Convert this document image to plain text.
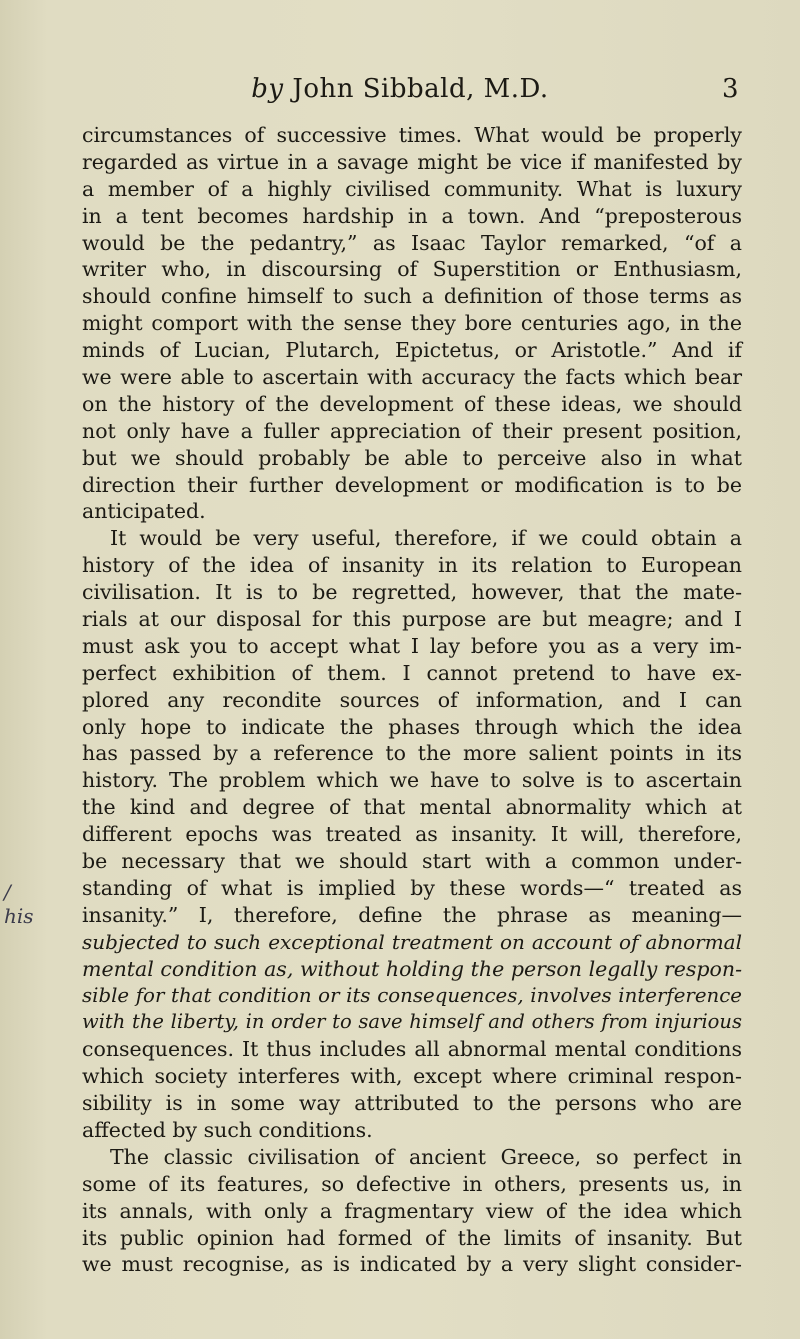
by John Sibbald, M.D.	3
/ his
circumstances of successive times. What would be properly
regarded as virtue in a savage might be vice if manifested by
a member of a highly civilised community. What is luxury
in a tent becomes hardship in a town. And “preposterous
would be the pedantry,” as Isaac Taylor remarked, “of a
writer who, in discoursing of Superstition or Enthusiasm,
should confine himself to such a definition of those terms as
might comport with the sense they bore centuries ago, in the
minds of Lucian, Plutarch, Epictetus, or Aristotle.” And if
we were able to ascertain with accuracy the facts which bear
on the history of the development of these ideas, we should
not only have a fuller appreciation of their present position,
but we should probably be able to perceive also in what
direction their further development or modification is to be
anticipated.
It would be very useful, therefore, if we could obtain a
history of the idea of insanity in its relation to European
civilisation. It is to be regretted, however, that the mate-
rials at our disposal for this purpose are but meagre; and I
must ask you to accept what I lay before you as a very im-
perfect exhibition of them. I cannot pretend to have ex-
plored any recondite sources of information, and I can
only hope to indicate the phases through which the idea
has passed by a reference to the more salient points in its
history. The problem which we have to solve is to ascertain
the kind and degree of that mental abnormality which at
different epochs was treated as insanity. It will, therefore,
be necessary that we should start with a common under-
standing of what is implied by these words—“ treated as
insanity.” I, therefore, define the phrase as meaning—
subjected to such exceptional treatment on account of abnormal
mental condition as, without holding the person legally respon-
sible for that condition or its consequences, involves interference
with the liberty, in order to save himself and others from injurious
consequences. It thus includes all abnormal mental conditions
which society interferes with, except where criminal respon-
sibility is in some way attributed to the persons who are
affected by such conditions.
The classic civilisation of ancient Greece, so perfect in
some of its features, so defective in others, presents us, in
its annals, with only a fragmentary view of the idea which
its public opinion had formed of the limits of insanity. But
we must recognise, as is indicated by a very slight consider-
